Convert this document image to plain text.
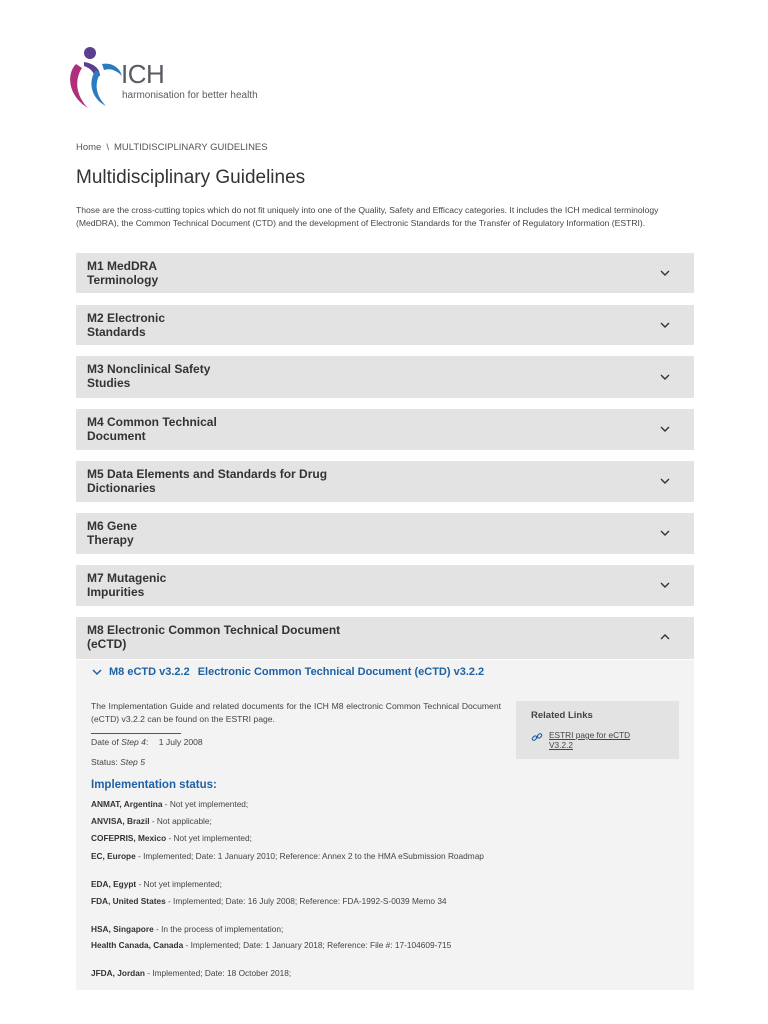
ICH
harmonisation for better health
Home \ MULTIDISCIPLINARY GUIDELINES
Multidisciplinary Guidelines

Those are the cross-cutting topics which do not fit uniquely into one of the Quality, Safety and Efficacy categories. It includes the ICH medical terminology (MedDRA), the Common Technical Document (CTD) and the development of Electronic Standards for the Transfer of Regulatory Information (ESTRI).

M1 MedDRA
Terminology
M2 Electronic
Standards
M3 Nonclinical Safety
Studies
M4 Common Technical
Document
M5 Data Elements and Standards for Drug
Dictionaries
M6 Gene
Therapy
M7 Mutagenic
Impurities
M8 Electronic Common Technical Document
(eCTD)
M8 eCTD v3.2.2 Electronic Common Technical Document (eCTD) v3.2.2

The Implementation Guide and related documents for the ICH M8 electronic Common Technical Document (eCTD) v3.2.2 can be found on the ESTRI page.

Date of Step 4: 1 July 2008
Status: Step 5
Implementation status:
ANMAT, Argentina - Not yet implemented;
ANVISA, Brazil - Not applicable;
COFEPRIS, Mexico - Not yet implemented;
EC, Europe - Implemented; Date: 1 January 2010; Reference: Annex 2 to the HMA eSubmission Roadmap
EDA, Egypt - Not yet implemented;
FDA, United States - Implemented; Date: 16 July 2008; Reference: FDA-1992-S-0039 Memo 34
HSA, Singapore - In the process of implementation;
Health Canada, Canada - Implemented; Date: 1 January 2018; Reference: File #: 17-104609-715
JFDA, Jordan - Implemented; Date: 18 October 2018;
Related Links
ESTRI page for eCTD V3.2.2
